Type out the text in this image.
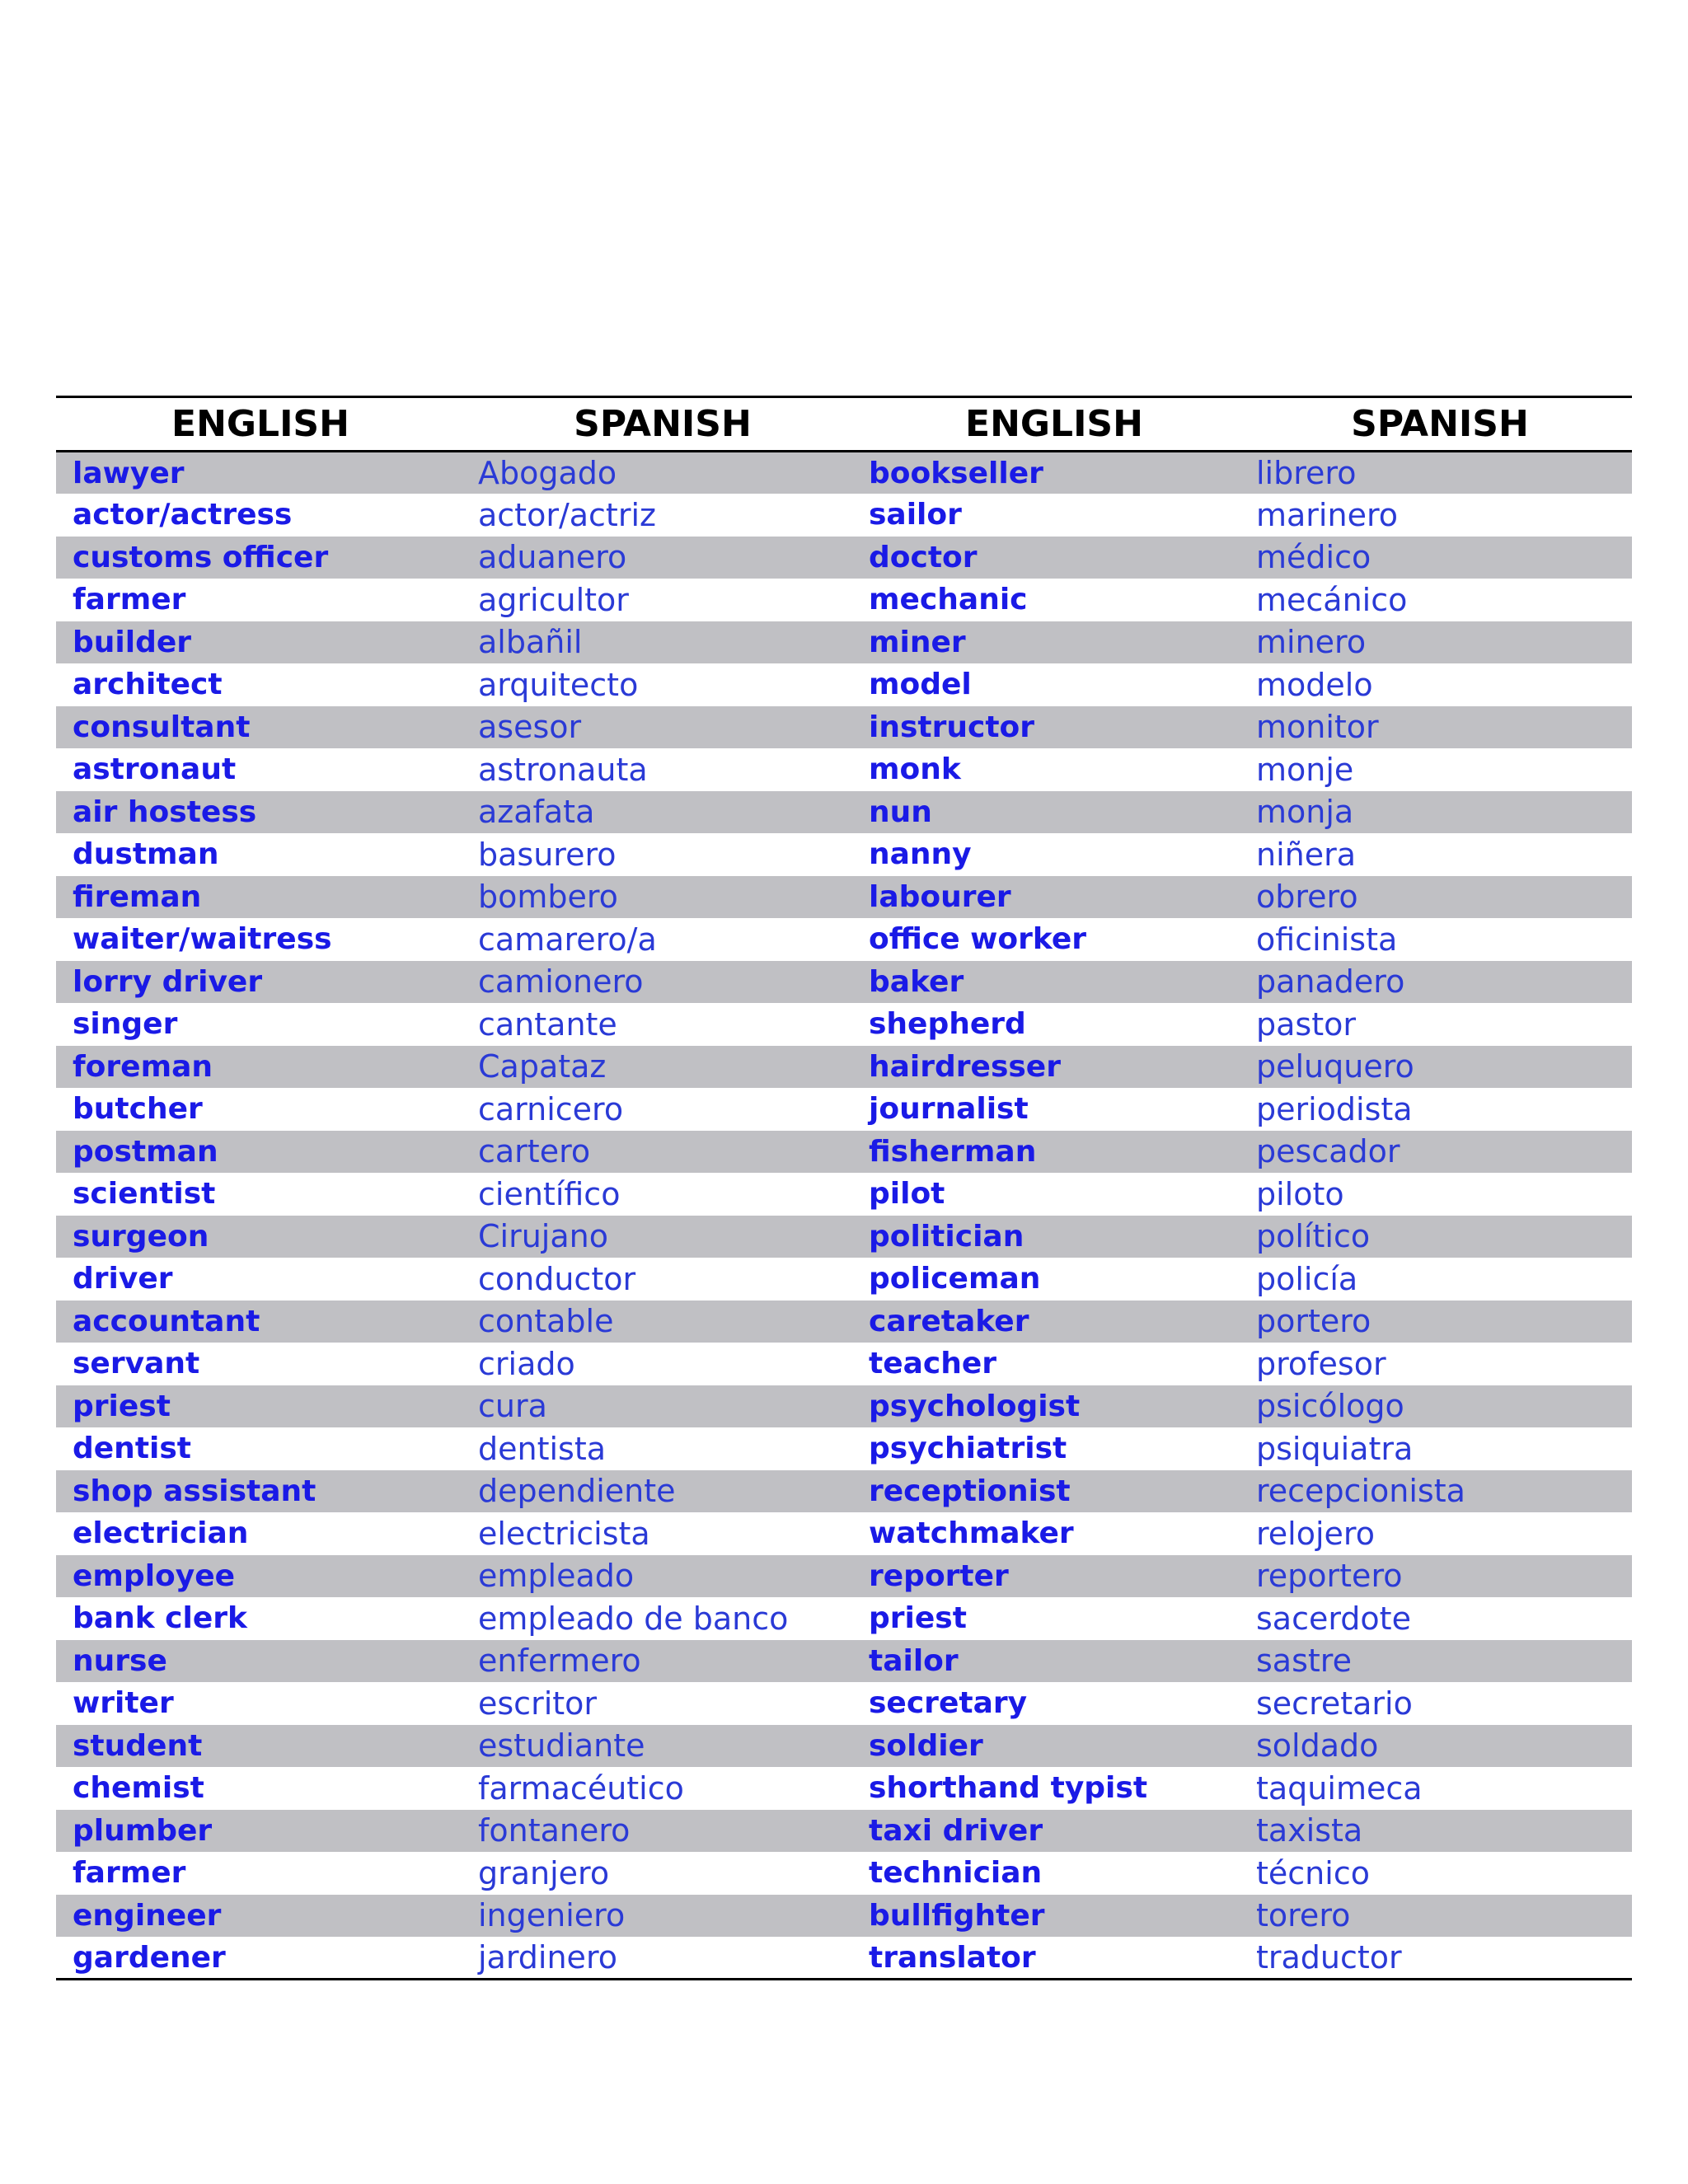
ENGLISH	SPANISH	ENGLISH	SPANISH
lawyer	Abogado	bookseller	librero
actor/actress	actor/actriz	sailor	marinero
customs officer	aduanero	doctor	médico
farmer	agricultor	mechanic	mecánico
builder	albañil	miner	minero
architect	arquitecto	model	modelo
consultant	asesor	instructor	monitor
astronaut	astronauta	monk	monje
air hostess	azafata	nun	monja
dustman	basurero	nanny	niñera
fireman	bombero	labourer	obrero
waiter/waitress	camarero/a	office worker	oficinista
lorry driver	camionero	baker	panadero
singer	cantante	shepherd	pastor
foreman	Capataz	hairdresser	peluquero
butcher	carnicero	journalist	periodista
postman	cartero	fisherman	pescador
scientist	científico	pilot	piloto
surgeon	Cirujano	politician	político
driver	conductor	policeman	policía
accountant	contable	caretaker	portero
servant	criado	teacher	profesor
priest	cura	psychologist	psicólogo
dentist	dentista	psychiatrist	psiquiatra
shop assistant	dependiente	receptionist	recepcionista
electrician	electricista	watchmaker	relojero
employee	empleado	reporter	reportero
bank clerk	empleado de banco	priest	sacerdote
nurse	enfermero	tailor	sastre
writer	escritor	secretary	secretario
student	estudiante	soldier	soldado
chemist	farmacéutico	shorthand typist	taquimeca
plumber	fontanero	taxi driver	taxista
farmer	granjero	technician	técnico
engineer	ingeniero	bullfighter	torero
gardener	jardinero	translator	traductor
